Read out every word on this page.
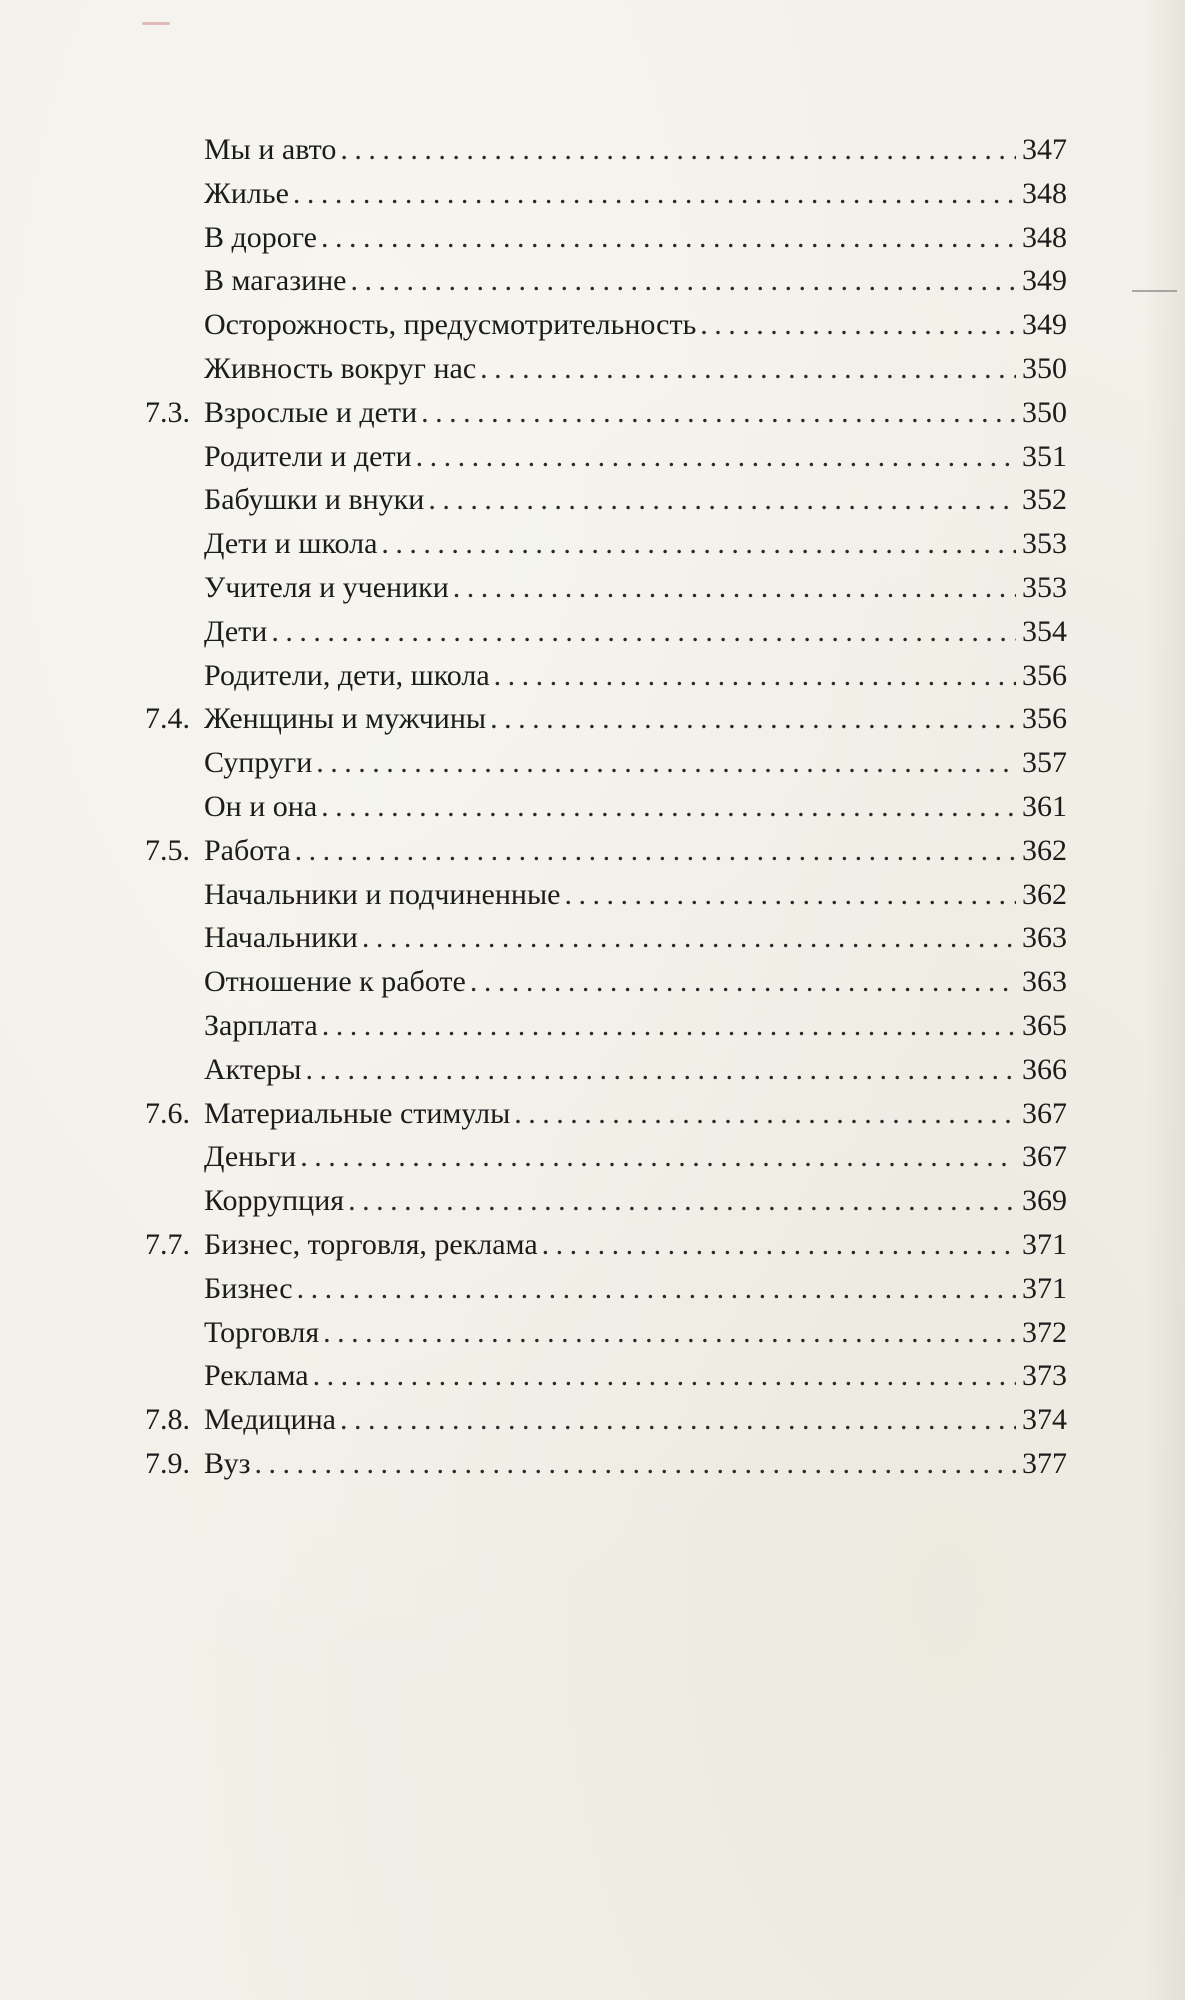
Мы и авто . . .	347
Жилье . . .	348
В дороге . . .	348
В магазине . . .	349
Осторожность, предусмотрительность . . .	349
Живность вокруг нас . . .	350
7.3. Взрослые и дети . . .	350
Родители и дети . . .	351
Бабушки и внуки . . .	352
Дети и школа . . .	353
Учителя и ученики . . .	353
Дети . . .	354
Родители, дети, школа . . .	356
7.4. Женщины и мужчины . . .	356
Супруги . . .	357
Он и она . . .	361
7.5. Работа . . .	362
Начальники и подчиненные . . .	362
Начальники . . .	363
Отношение к работе . . .	363
Зарплата . . .	365
Актеры . . .	366
7.6. Материальные стимулы . . .	367
Деньги . . .	367
Коррупция . . .	369
7.7. Бизнес, торговля, реклама . . .	371
Бизнес . . .	371
Торговля . . .	372
Реклама . . .	373
7.8. Медицина . . .	374
7.9. Вуз . . .	377
